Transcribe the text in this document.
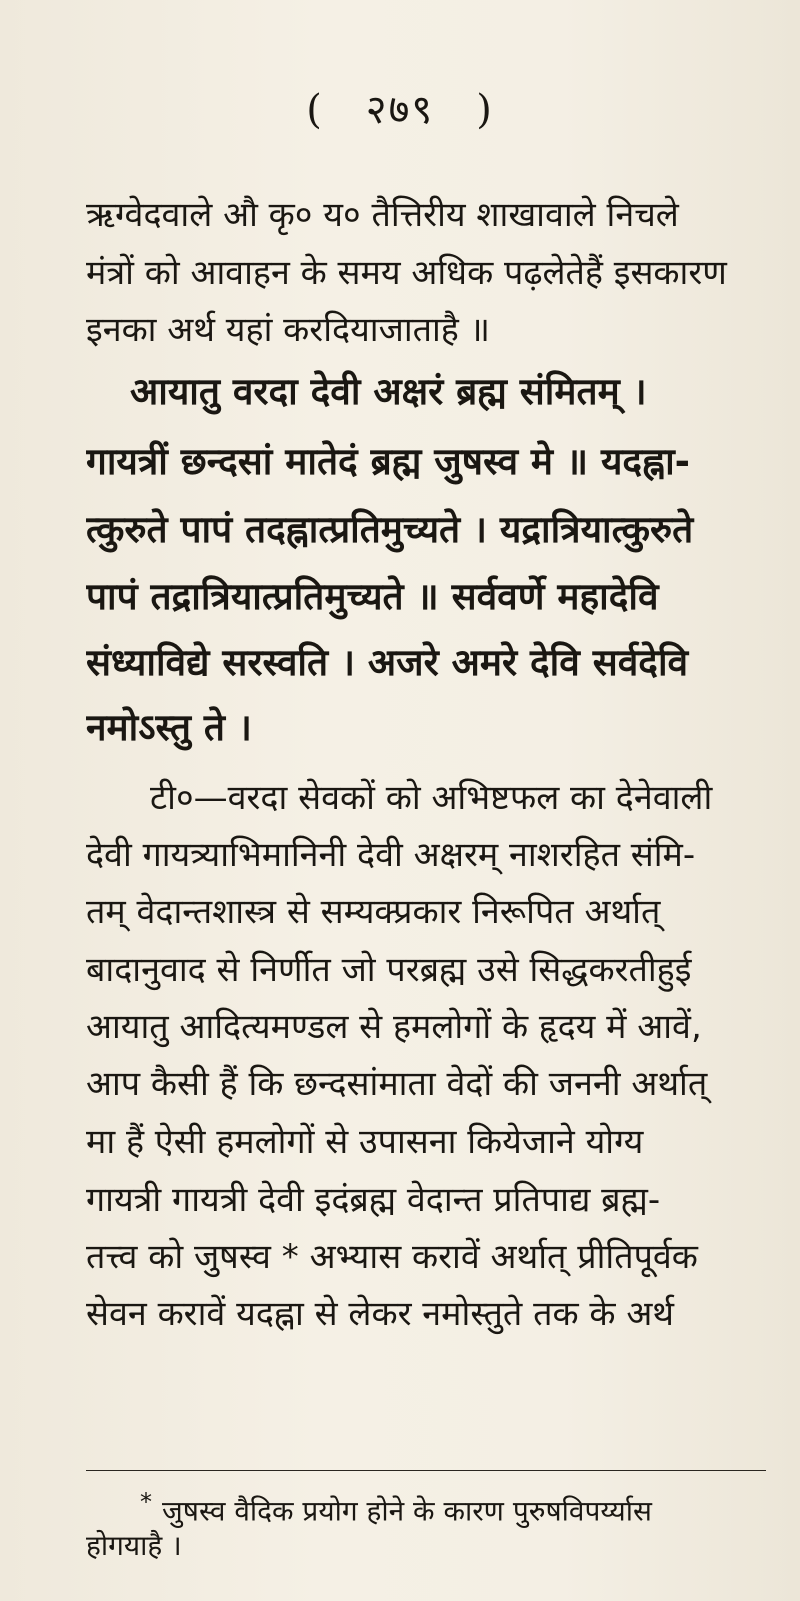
( २७९ )
ऋग्वेदवाले औ कृ० य० तैत्तिरीय शाखावाले निचले
मंत्रों को आवाहन के समय अधिक पढ़लेतेहैं इसकारण
इनका अर्थ यहां करदियाजाताहै ॥
आयातु वरदा देवी अक्षरं ब्रह्म संमितम् ।
गायत्रीं छन्दसां मातेदं ब्रह्म जुषस्व मे ॥ यदह्ना-
त्कुरुते पापं तदह्नात्प्रतिमुच्यते । यद्रात्रियात्कुरुते
पापं तद्रात्रियात्प्रतिमुच्यते ॥ सर्ववर्णे महादेवि
संध्याविद्ये सरस्वति । अजरे अमरे देवि सर्वदेवि
नमोऽस्तु ते ।
टी०—वरदा सेवकों को अभिष्टफल का देनेवाली
देवी गायत्र्याभिमानिनी देवी अक्षरम् नाशरहित संमि-
तम् वेदान्तशास्त्र से सम्यक्प्रकार निरूपित अर्थात्
बादानुवाद से निर्णीत जो परब्रह्म उसे सिद्धकरतीहुई
आयातु आदित्यमण्डल से हमलोगों के हृदय में आवें,
आप कैसी हैं कि छन्दसांमाता वेदों की जननी अर्थात्
मा हैं ऐसी हमलोगों से उपासना कियेजाने योग्य
गायत्री गायत्री देवी इदंब्रह्म वेदान्त प्रतिपाद्य ब्रह्म-
तत्त्व को जुषस्व * अभ्यास करावें अर्थात् प्रीतिपूर्वक
सेवन करावें यदह्ना से लेकर नमोस्तुते तक के अर्थ
* जुषस्व वैदिक प्रयोग होने के कारण पुरुषविपर्य्यास
होगयाहै ।
